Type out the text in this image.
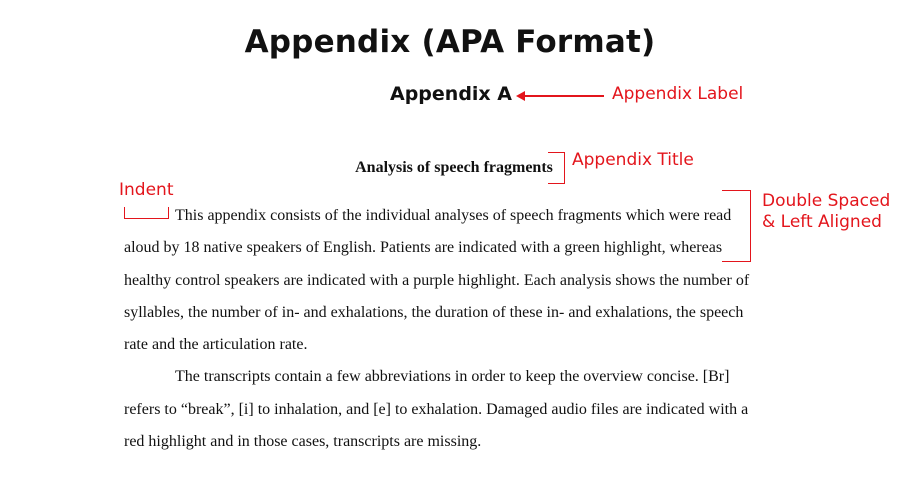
Appendix (APA Format)
Appendix A	Appendix Label
Analysis of speech fragments	Appendix Title
Indent
Double Spaced & Left Aligned

This appendix consists of the individual analyses of speech fragments which were read aloud by 18 native speakers of English. Patients are indicated with a green highlight, whereas healthy control speakers are indicated with a purple highlight. Each analysis shows the number of syllables, the number of in- and exhalations, the duration of these in- and exhalations, the speech rate and the articulation rate.

The transcripts contain a few abbreviations in order to keep the overview concise. [Br] refers to “break”, [i] to inhalation, and [e] to exhalation. Damaged audio files are indicated with a red highlight and in those cases, transcripts are missing.
